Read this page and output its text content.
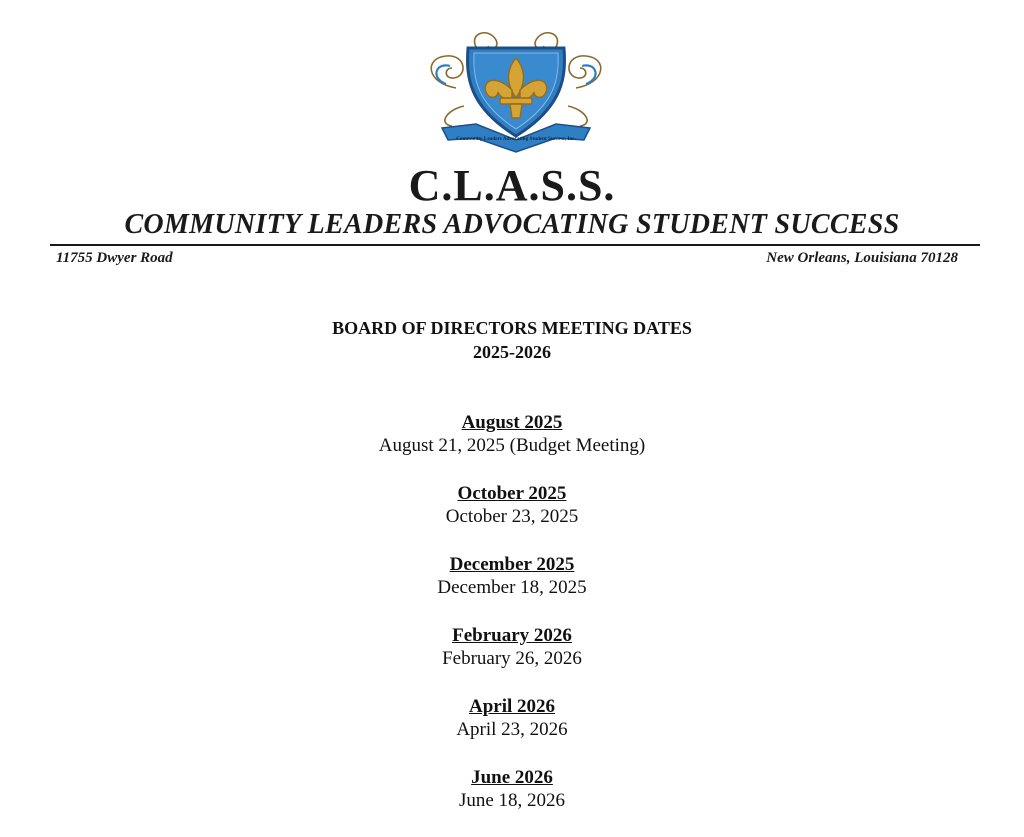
Community Leaders Advocating Student Success, Inc.
C.L.A.S.S.
COMMUNITY LEADERS ADVOCATING STUDENT SUCCESS
11755 Dwyer Road	New Orleans, Louisiana 70128
BOARD OF DIRECTORS MEETING DATES
2025-2026
August 2025
August 21, 2025 (Budget Meeting)
October 2025
October 23, 2025
December 2025
December 18, 2025
February 2026
February 26, 2026
April 2026
April 23, 2026
June 2026
June 18, 2026
